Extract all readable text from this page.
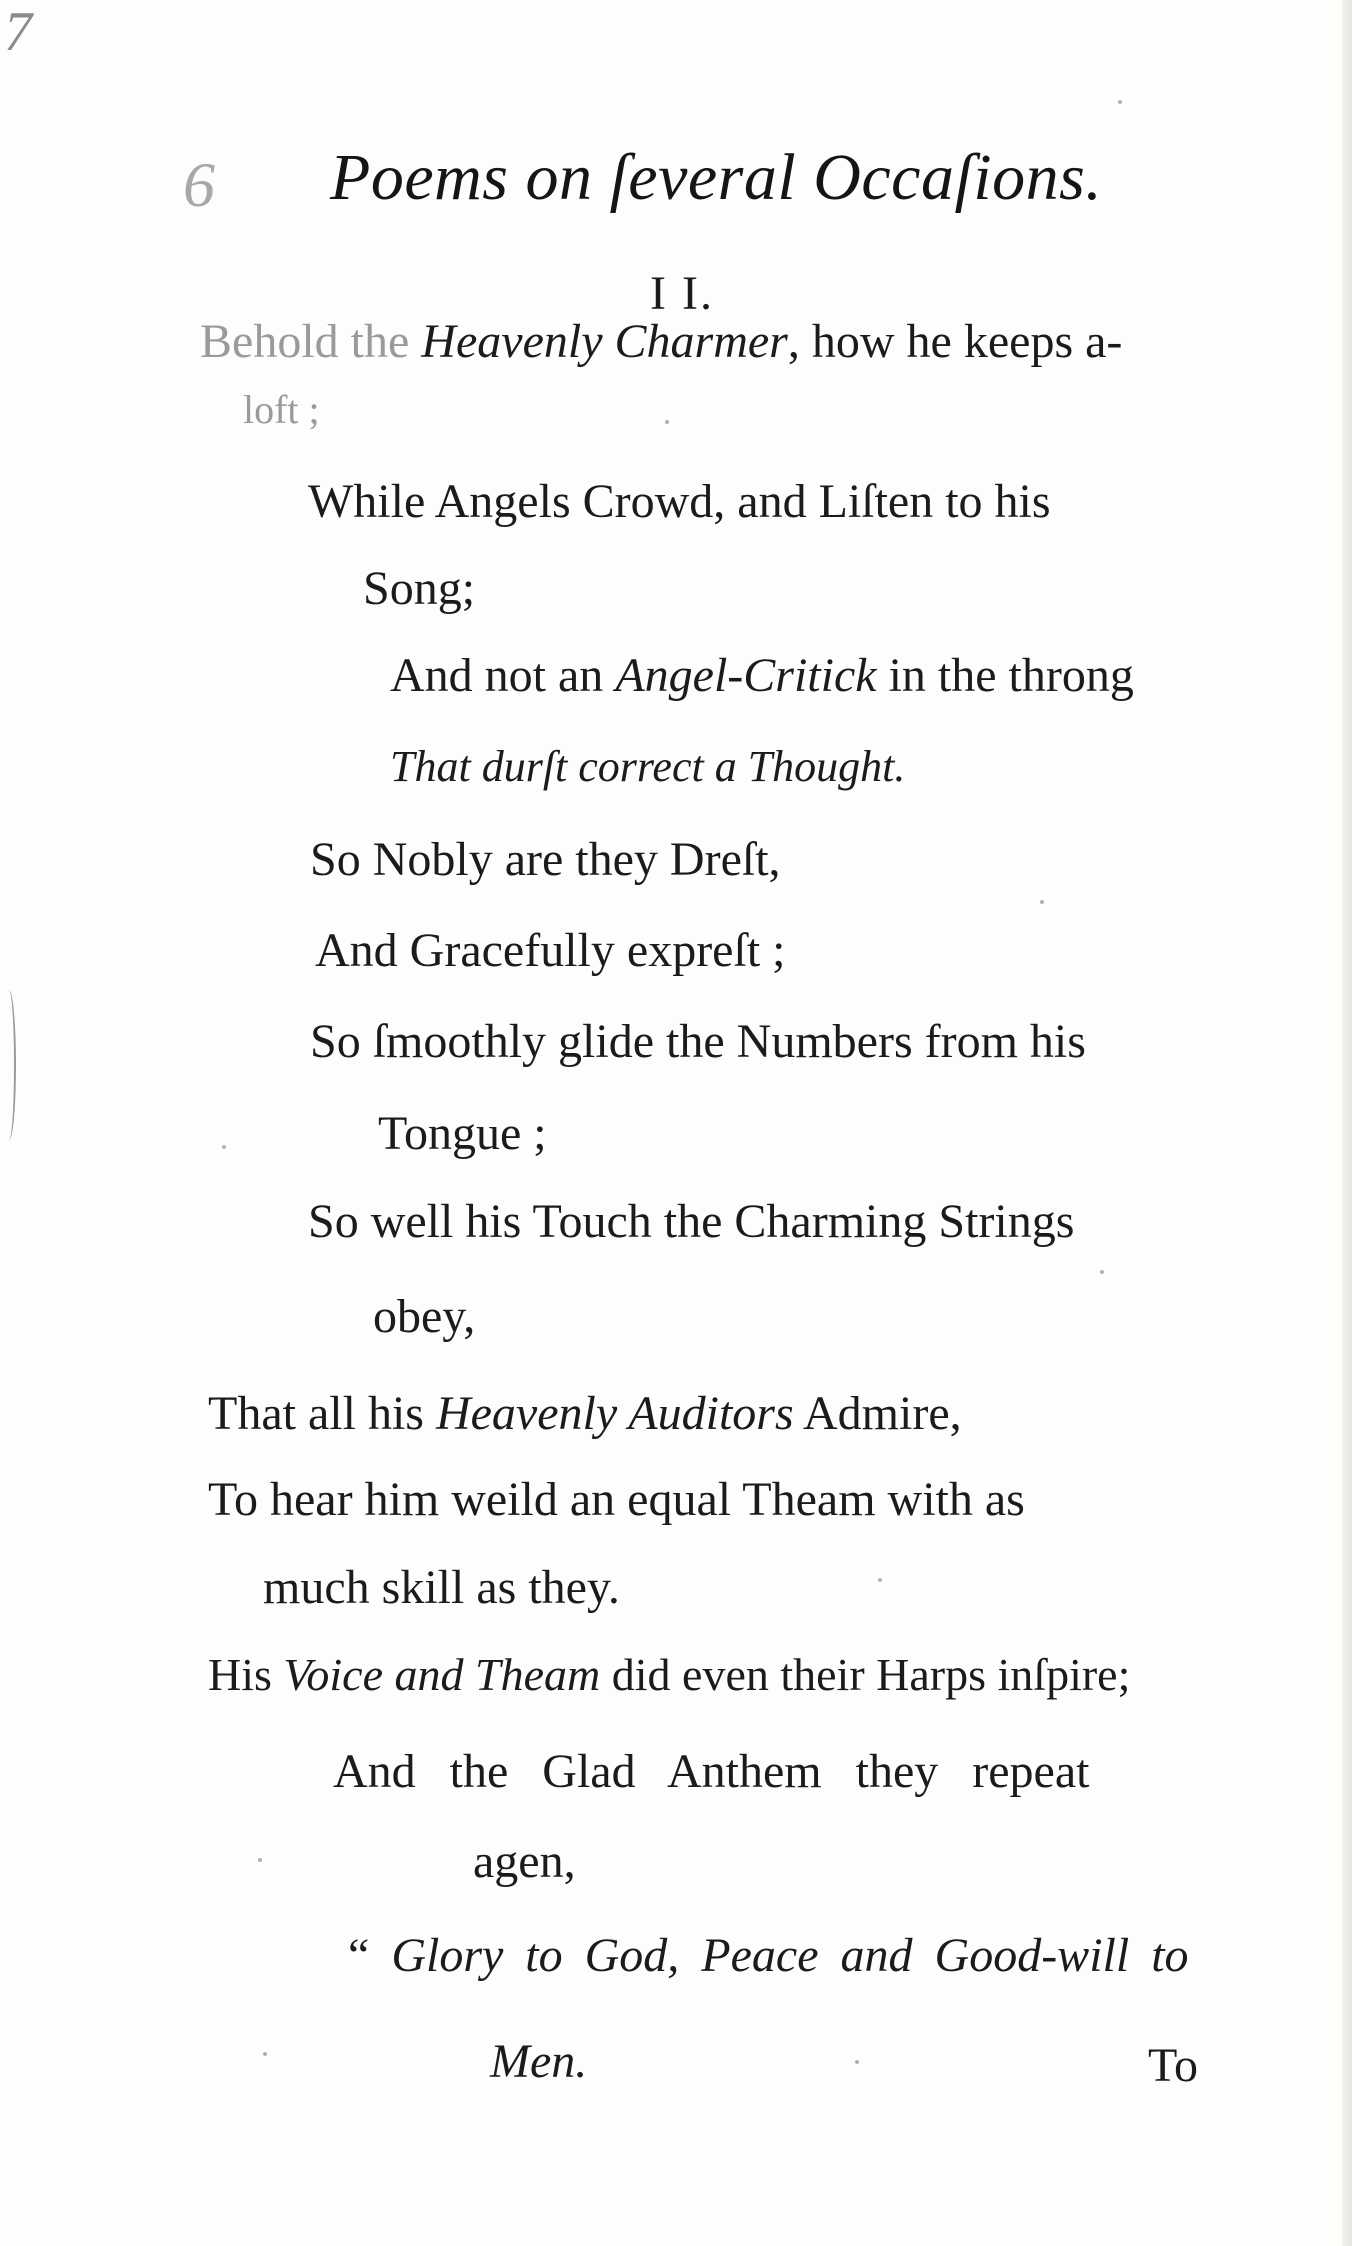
7
6 Poems on ſeveral Occaſions.
I I.
Behold the Heavenly Charmer, how he keeps a-
loft ;
While Angels Crowd, and Liſten to his
Song;
And not an Angel-Critick in the throng
That durſt correct a Thought.
So Nobly are they Dreſt,
And Gracefully expreſt ;
So ſmoothly glide the Numbers from his
Tongue ;
So well his Touch the Charming Strings
obey,
That all his Heavenly Auditors Admire,
To hear him weild an equal Theam with as
much skill as they.
His Voice and Theam did even their Harps inſpire;
And the Glad Anthem they repeat
agen,
“ Glory to God, Peace and Good-will to
Men.	To
